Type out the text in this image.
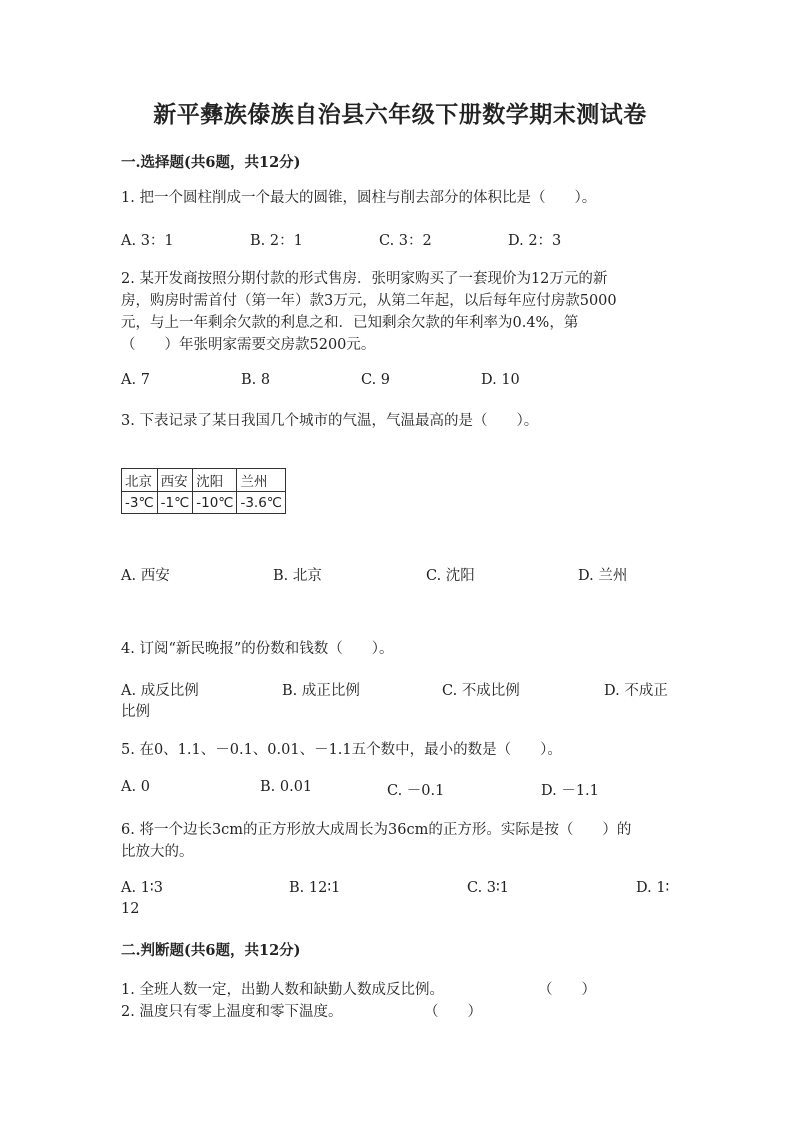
新平彝族傣族自治县六年级下册数学期末测试卷
一.选择题(共6题，共12分)
1. 把一个圆柱削成一个最大的圆锥，圆柱与削去部分的体积比是（　　）。
A. 3：1	B. 2：1	C. 3：2	D. 2：3
2. 某开发商按照分期付款的形式售房．张明家购买了一套现价为12万元的新
房，购房时需首付（第一年）款3万元，从第二年起，以后每年应付房款5000
元，与上一年剩余欠款的利息之和．已知剩余欠款的年利率为0.4%，第
（　　）年张明家需要交房款5200元。
A. 7	B. 8	C. 9	D. 10
3. 下表记录了某日我国几个城市的气温，气温最高的是（　　）。
北京	西安	沈阳	兰州
-3℃	-1℃	-10℃	-3.6℃
A. 西安	B. 北京	C. 沈阳	D. 兰州
4. 订阅“新民晚报”的份数和钱数（　　）。
A. 成反比例	B. 成正比例	C. 不成比例	D. 不成正
比例
5. 在0、1.1、－0.1、0.01、－1.1五个数中，最小的数是（　　）。
A. 0	B. 0.01	C. －0.1	D. －1.1
6. 将一个边长3cm的正方形放大成周长为36cm的正方形。实际是按（　　）的
比放大的。
A. 1∶3	B. 12∶1	C. 3∶1	D. 1∶
12
二.判断题(共6题，共12分)
1. 全班人数一定，出勤人数和缺勤人数成反比例。	（　　）
2. 温度只有零上温度和零下温度。	（　　）
